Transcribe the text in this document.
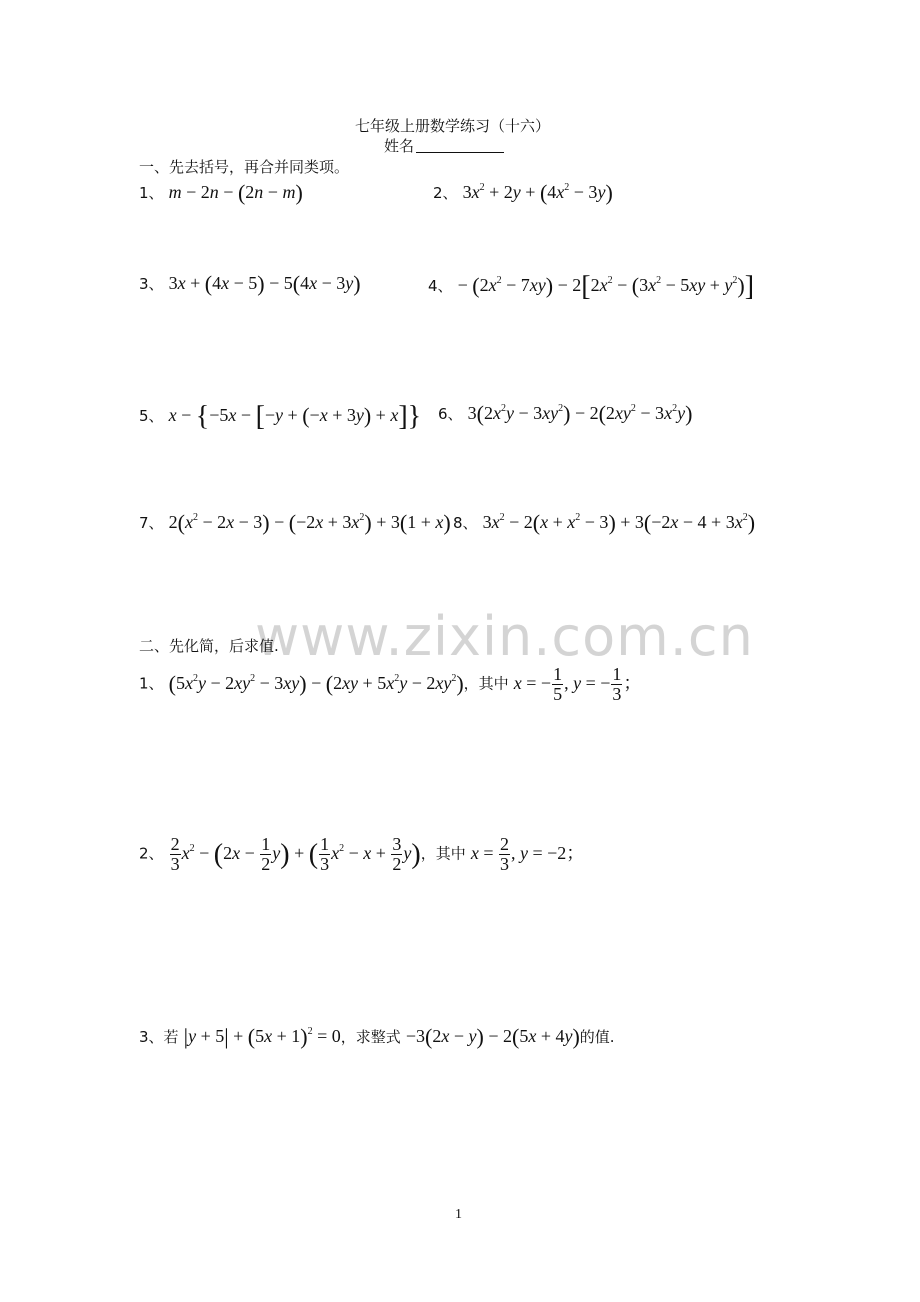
www.zixin.com.cn
七年级上册数学练习（十六）
姓名
一、先去括号，再合并同类项。
1、 m − 2n − (2n − m)	2、 $3x^2 + 2y + (4x^2 - 3y)$
3、 3x + (4x − 5) − 5(4x − 3y)	4、 − $(2x^2 - 7xy) - 2[2x^2 - (3x^2 - 5xy + y^2)]$
5、 x − {−5x − [−y + (−x + 3y) + x]} 6、 $3(2x^2y - 3xy^2) - 2(2xy^2 - 3x^2y)$
7、 $2(x^2 - 2x - 3) - (-2x + 3x^2) + 3(1 + x)$ 8、 $3x^2 - 2(x + x^2 - 3) + 3(-2x - 4 + 3x^2)$
二、先化简，后求值.
1、 $(5x^2y - 2xy^2 - 3xy) - (2xy + 5x^2y - 2xy^2)$，其中 x = − $\frac{1}{5}$ , y = − $\frac{1}{3}$ ；
2、 $\frac{2}{3} x^2 - (2x - \frac{1}{2} y)$ + ( $\frac{1}{3} x^2 - x + \frac{3}{2} y$)，其中 $x = \frac{2}{3}$ , y = −2；
3、若 $|y + 5| + (5x + 1)^2 = 0$，求整式 −3(2x − y) − 2(5x + 4y)的值.
1
